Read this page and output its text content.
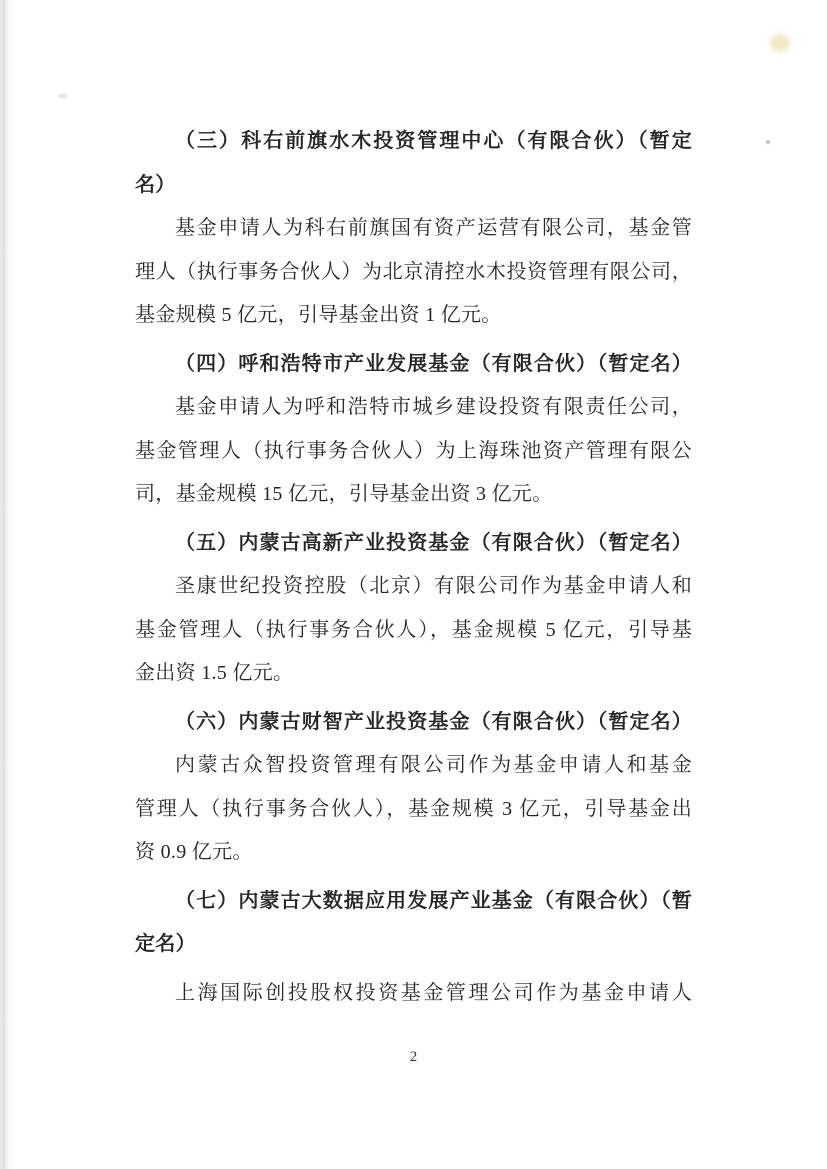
（三）科右前旗水木投资管理中心（有限合伙）（暂定
名）
基金申请人为科右前旗国有资产运营有限公司，基金管
理人（执行事务合伙人）为北京清控水木投资管理有限公司，
基金规模 5 亿元，引导基金出资 1 亿元。
（四）呼和浩特市产业发展基金（有限合伙）（暂定名）
基金申请人为呼和浩特市城乡建设投资有限责任公司，
基金管理人（执行事务合伙人）为上海珠池资产管理有限公
司，基金规模 15 亿元，引导基金出资 3 亿元。
（五）内蒙古高新产业投资基金（有限合伙）（暂定名）
圣康世纪投资控股（北京）有限公司作为基金申请人和
基金管理人（执行事务合伙人），基金规模 5 亿元，引导基
金出资 1.5 亿元。
（六）内蒙古财智产业投资基金（有限合伙）（暂定名）
内蒙古众智投资管理有限公司作为基金申请人和基金
管理人（执行事务合伙人），基金规模 3 亿元，引导基金出
资 0.9 亿元。
（七）内蒙古大数据应用发展产业基金（有限合伙）（暂
定名）
上海国际创投股权投资基金管理公司作为基金申请人
2
